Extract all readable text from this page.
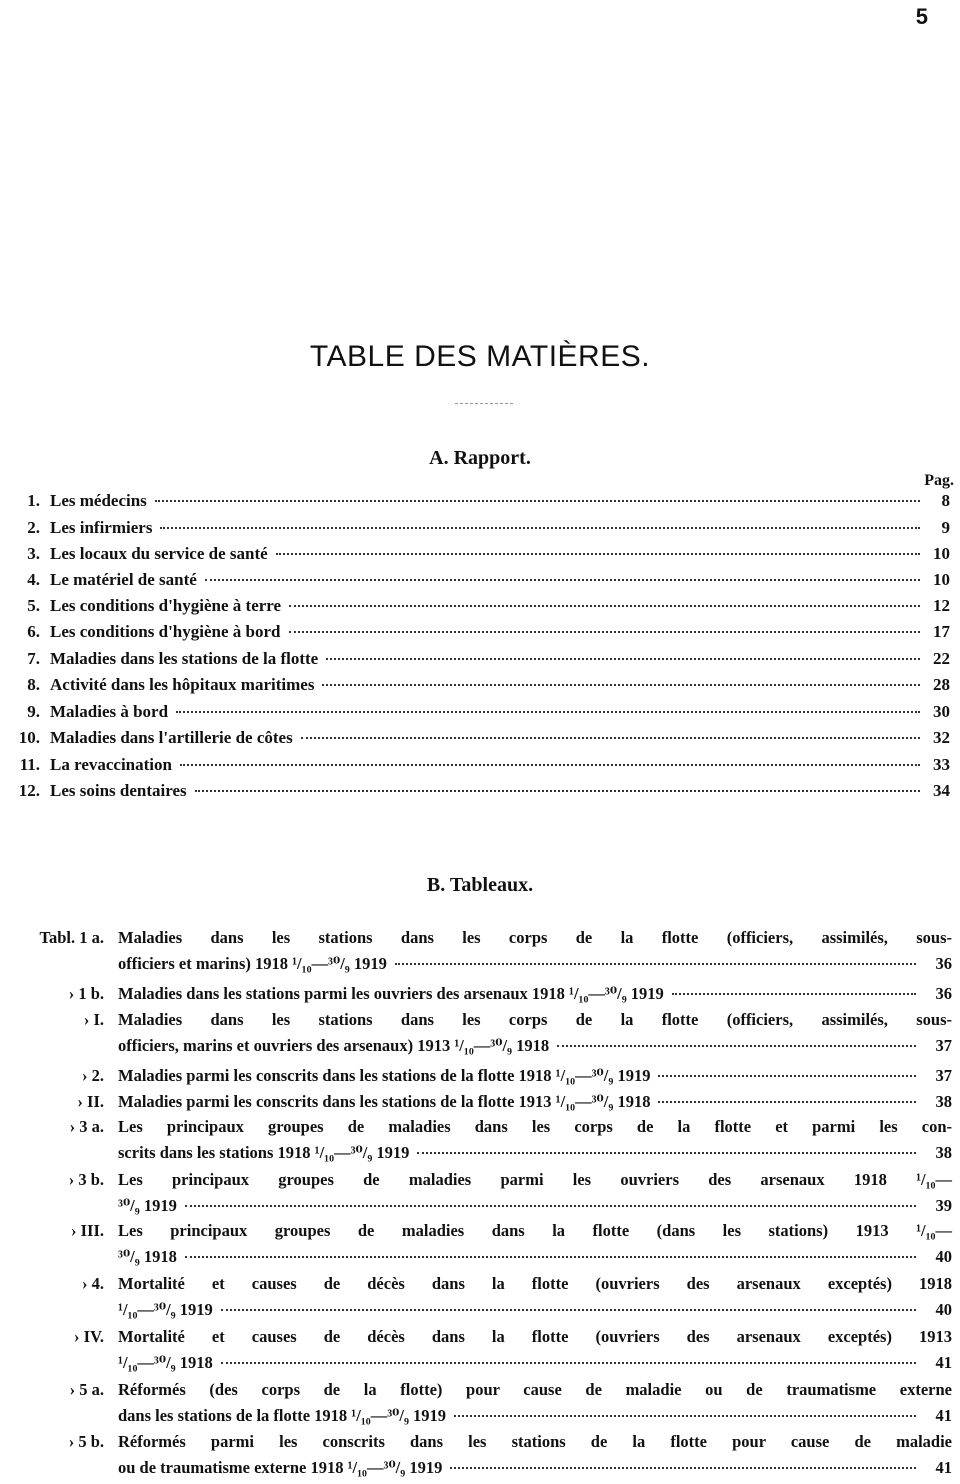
5
TABLE DES MATIÈRES.
A. Rapport.
Pag.
1. Les médecins	8
2. Les infirmiers	9
3. Les locaux du service de santé	10
4. Le matériel de santé	10
5. Les conditions d'hygiène à terre	12
6. Les conditions d'hygiène à bord	17
7. Maladies dans les stations de la flotte	22
8. Activité dans les hôpitaux maritimes	28
9. Maladies à bord	30
10. Maladies dans l'artillerie de côtes	32
11. La revaccination	33
12. Les soins dentaires	34
B. Tableaux.
Tabl. 1 a. Maladies dans les stations dans les corps de la flotte (officiers, assimilés, sous-
officiers et marins) 1918 ¹/₁₀—³⁰/₉ 1919	36
› 1 b. Maladies dans les stations parmi les ouvriers des arsenaux 1918 ¹/₁₀—³⁰/₉ 1919	36
› I. Maladies dans les stations dans les corps de la flotte (officiers, assimilés, sous-
officiers, marins et ouvriers des arsenaux) 1913 ¹/₁₀—³⁰/₉ 1918	37
› 2. Maladies parmi les conscrits dans les stations de la flotte 1918 ¹/₁₀—³⁰/₉ 1919	37
› II. Maladies parmi les conscrits dans les stations de la flotte 1913 ¹/₁₀—³⁰/₉ 1918	38
› 3 a. Les principaux groupes de maladies dans les corps de la flotte et parmi les con-
scrits dans les stations 1918 ¹/₁₀—³⁰/₉ 1919	38
› 3 b. Les principaux groupes de maladies parmi les ouvriers des arsenaux 1918 ¹/₁₀—
³⁰/₉ 1919	39
› III. Les principaux groupes de maladies dans la flotte (dans les stations) 1913 ¹/₁₀—
³⁰/₉ 1918	40
› 4. Mortalité et causes de décès dans la flotte (ouvriers des arsenaux exceptés) 1918
¹/₁₀—³⁰/₉ 1919	40
› IV. Mortalité et causes de décès dans la flotte (ouvriers des arsenaux exceptés) 1913
¹/₁₀—³⁰/₉ 1918	41
› 5 a. Réformés (des corps de la flotte) pour cause de maladie ou de traumatisme externe
dans les stations de la flotte 1918 ¹/₁₀—³⁰/₉ 1919	41
› 5 b. Réformés parmi les conscrits dans les stations de la flotte pour cause de maladie
ou de traumatisme externe 1918 ¹/₁₀—³⁰/₉ 1919	41
